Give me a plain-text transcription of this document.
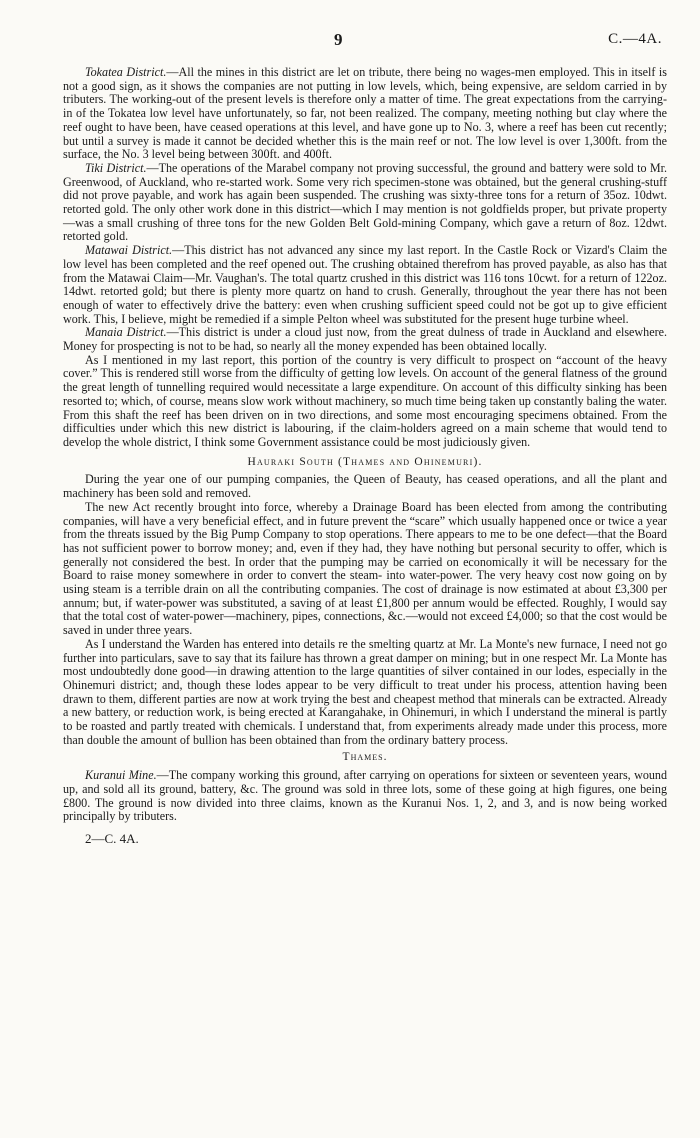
9	C.—4A.

Tokatea District.—All the mines in this district are let on tribute, there being no wages-men employed. This in itself is not a good sign, as it shows the companies are not putting in low levels, which, being expensive, are seldom carried in by tributers. The working-out of the present levels is therefore only a matter of time. The great expectations from the carrying-in of the Tokatea low level have unfortunately, so far, not been realized. The company, meeting nothing but clay where the reef ought to have been, have ceased operations at this level, and have gone up to No. 3, where a reef has been cut recently; but until a survey is made it cannot be decided whether this is the main reef or not. The low level is over 1,300ft. from the surface, the No. 3 level being between 300ft. and 400ft.

Tiki District.—The operations of the Marabel company not proving successful, the ground and battery were sold to Mr. Greenwood, of Auckland, who re-started work. Some very rich specimen-stone was obtained, but the general crushing-stuff did not prove payable, and work has again been suspended. The crushing was sixty-three tons for a return of 35oz. 10dwt. retorted gold. The only other work done in this district—which I may mention is not goldfields proper, but private property—was a small crushing of three tons for the new Golden Belt Gold-mining Company, which gave a return of 8oz. 12dwt. retorted gold.

Matawai District.—This district has not advanced any since my last report. In the Castle Rock or Vizard's Claim the low level has been completed and the reef opened out. The crushing obtained therefrom has proved payable, as also has that from the Matawai Claim—Mr. Vaughan's. The total quartz crushed in this district was 116 tons 10cwt. for a return of 122oz. 14dwt. retorted gold; but there is plenty more quartz on hand to crush. Generally, throughout the year there has not been enough of water to effectively drive the battery: even when crushing sufficient speed could not be got up to give efficient work. This, I believe, might be remedied if a simple Pelton wheel was substituted for the present huge turbine wheel.

Manaia District.—This district is under a cloud just now, from the great dulness of trade in Auckland and elsewhere. Money for prospecting is not to be had, so nearly all the money expended has been obtained locally.

As I mentioned in my last report, this portion of the country is very difficult to prospect on “account of the heavy cover.” This is rendered still worse from the difficulty of getting low levels. On account of the general flatness of the ground the great length of tunnelling required would necessitate a large expenditure. On account of this difficulty sinking has been resorted to; which, of course, means slow work without machinery, so much time being taken up constantly baling the water. From this shaft the reef has been driven on in two directions, and some most encouraging specimens obtained. From the difficulties under which this new district is labouring, if the claim-holders agreed on a main scheme that would tend to develop the whole district, I think some Government assistance could be most judiciously given.

Hauraki South (Thames and Ohinemuri).

During the year one of our pumping companies, the Queen of Beauty, has ceased operations, and all the plant and machinery has been sold and removed.

The new Act recently brought into force, whereby a Drainage Board has been elected from among the contributing companies, will have a very beneficial effect, and in future prevent the “scare” which usually happened once or twice a year from the threats issued by the Big Pump Company to stop operations. There appears to me to be one defect—that the Board has not sufficient power to borrow money; and, even if they had, they have nothing but personal security to offer, which is generally not considered the best. In order that the pumping may be carried on economically it will be necessary for the Board to raise money somewhere in order to convert the steam- into water-power. The very heavy cost now going on by using steam is a terrible drain on all the contributing companies. The cost of drainage is now estimated at about £3,300 per annum; but, if water-power was substituted, a saving of at least £1,800 per annum would be effected. Roughly, I would say that the total cost of water-power—machinery, pipes, connections, &c.—would not exceed £4,000; so that the cost would be saved in under three years.

As I understand the Warden has entered into details re the smelting quartz at Mr. La Monte's new furnace, I need not go further into particulars, save to say that its failure has thrown a great damper on mining; but in one respect Mr. La Monte has most undoubtedly done good—in drawing attention to the large quantities of silver contained in our lodes, especially in the Ohinemuri district; and, though these lodes appear to be very difficult to treat under his process, attention having been drawn to them, different parties are now at work trying the best and cheapest method that minerals can be extracted. Already a new battery, or reduction work, is being erected at Karangahake, in Ohinemuri, in which I understand the mineral is partly to be roasted and partly treated with chemicals. I understand that, from experiments already made under this process, more than double the amount of bullion has been obtained than from the ordinary battery process.

Thames.

Kuranui Mine.—The company working this ground, after carrying on operations for sixteen or seventeen years, wound up, and sold all its ground, battery, &c. The ground was sold in three lots, some of these going at high figures, one being £800. The ground is now divided into three claims, known as the Kuranui Nos. 1, 2, and 3, and is now being worked principally by tributers.

2—C. 4A.
